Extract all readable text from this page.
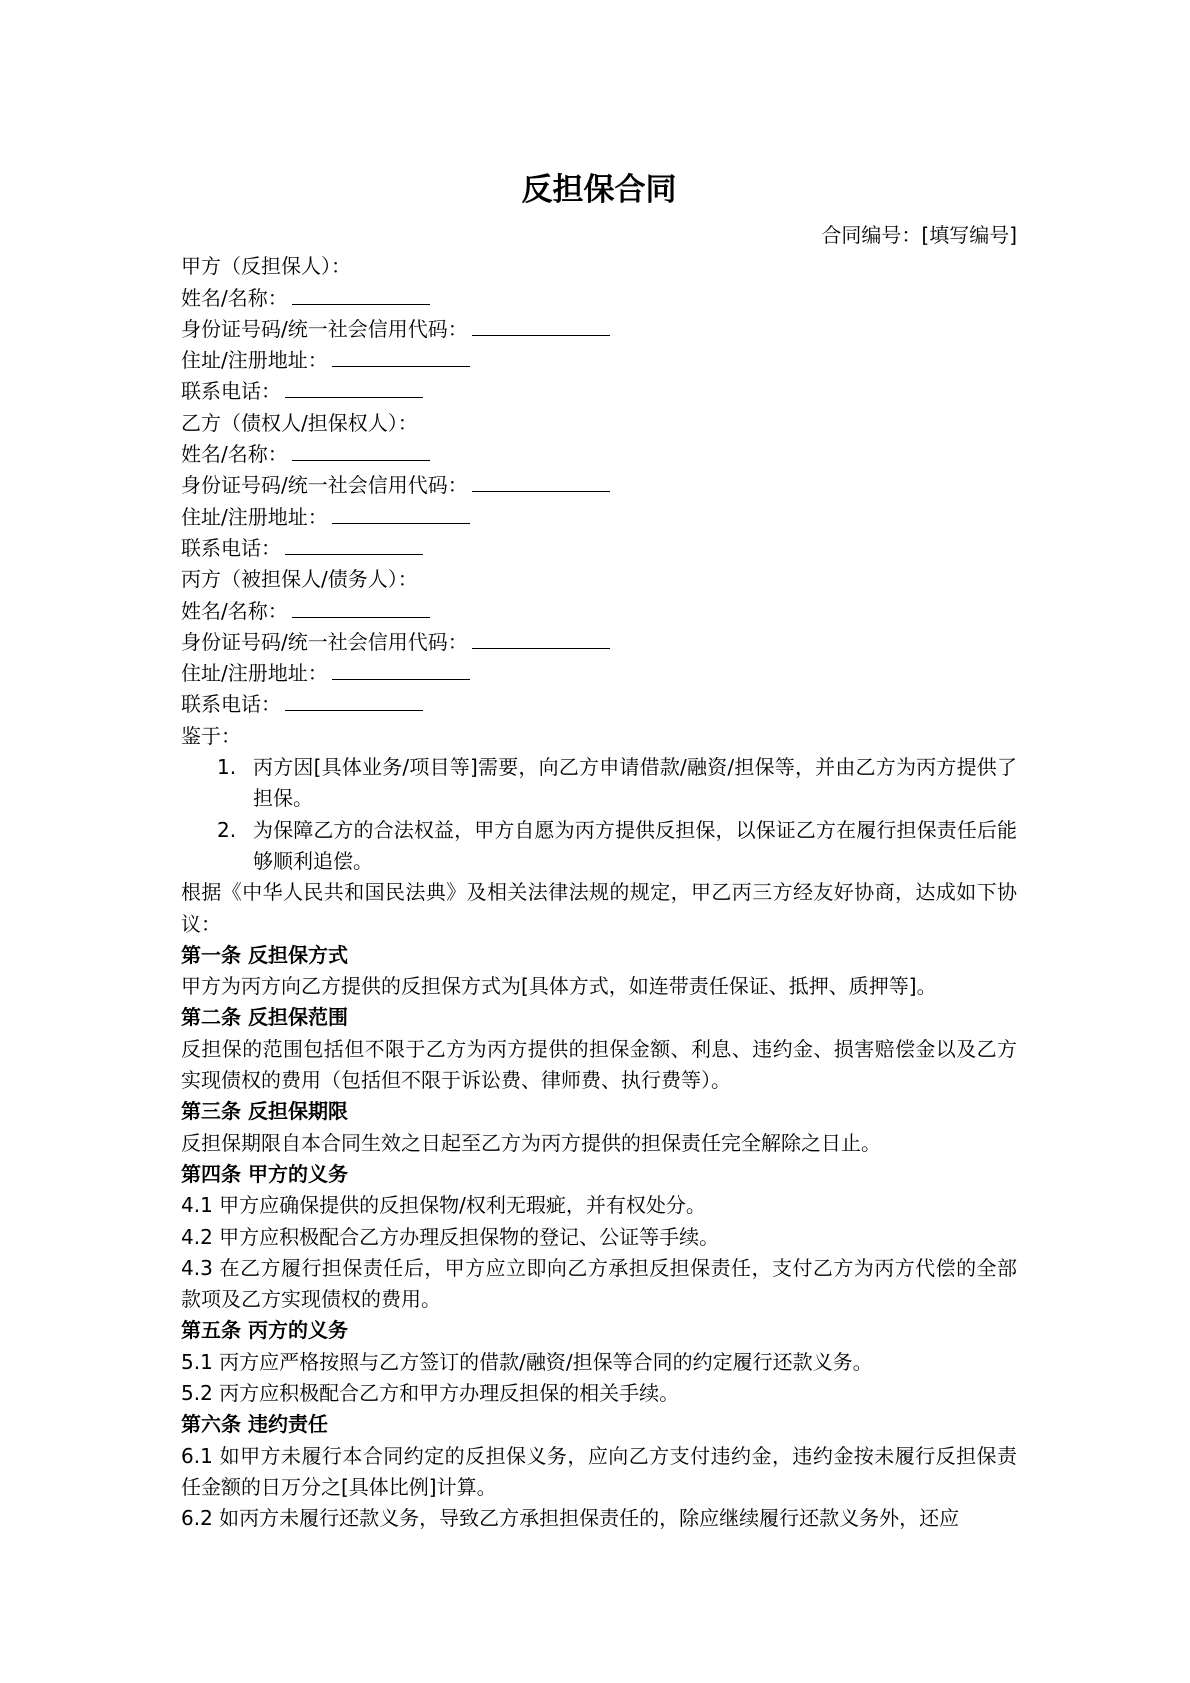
反担保合同
合同编号：[填写编号]
甲方（反担保人）：
姓名/名称：
身份证号码/统一社会信用代码：
住址/注册地址：
联系电话：
乙方（债权人/担保权人）：
姓名/名称：
身份证号码/统一社会信用代码：
住址/注册地址：
联系电话：
丙方（被担保人/债务人）：
姓名/名称：
身份证号码/统一社会信用代码：
住址/注册地址：
联系电话：
鉴于：
1. 丙方因[具体业务/项目等]需要，向乙方申请借款/融资/担保等，并由乙方为丙方提供了担保。
2. 为保障乙方的合法权益，甲方自愿为丙方提供反担保，以保证乙方在履行担保责任后能够顺利追偿。
根据《中华人民共和国民法典》及相关法律法规的规定，甲乙丙三方经友好协商，达成如下协议：
第一条 反担保方式
甲方为丙方向乙方提供的反担保方式为[具体方式，如连带责任保证、抵押、质押等]。
第二条 反担保范围
反担保的范围包括但不限于乙方为丙方提供的担保金额、利息、违约金、损害赔偿金以及乙方实现债权的费用（包括但不限于诉讼费、律师费、执行费等）。
第三条 反担保期限
反担保期限自本合同生效之日起至乙方为丙方提供的担保责任完全解除之日止。
第四条 甲方的义务
4.1 甲方应确保提供的反担保物/权利无瑕疵，并有权处分。
4.2 甲方应积极配合乙方办理反担保物的登记、公证等手续。
4.3 在乙方履行担保责任后，甲方应立即向乙方承担反担保责任，支付乙方为丙方代偿的全部款项及乙方实现债权的费用。
第五条 丙方的义务
5.1 丙方应严格按照与乙方签订的借款/融资/担保等合同的约定履行还款义务。
5.2 丙方应积极配合乙方和甲方办理反担保的相关手续。
第六条 违约责任
6.1 如甲方未履行本合同约定的反担保义务，应向乙方支付违约金，违约金按未履行反担保责任金额的日万分之[具体比例]计算。
6.2 如丙方未履行还款义务，导致乙方承担担保责任的，除应继续履行还款义务外，还应
